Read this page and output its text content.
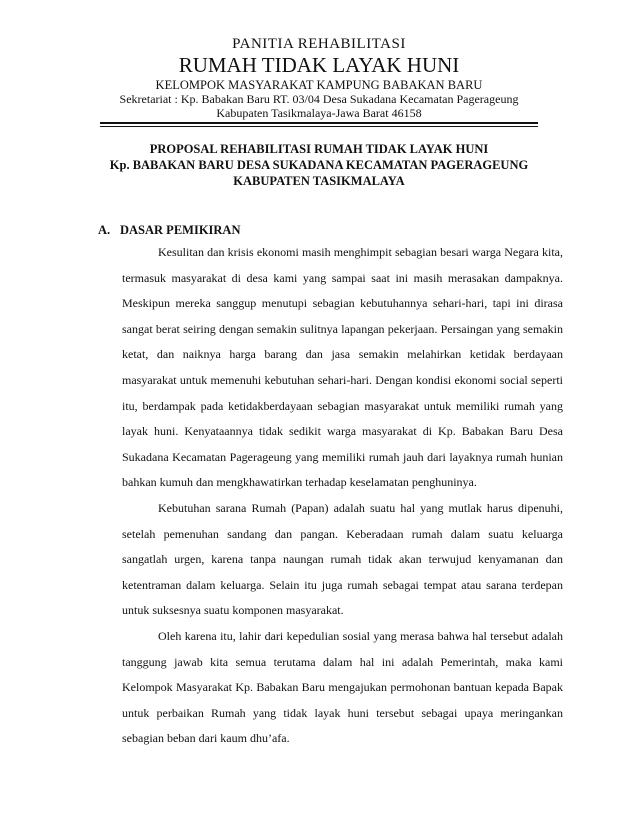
PANITIA REHABILITASI
RUMAH TIDAK LAYAK HUNI
KELOMPOK MASYARAKAT KAMPUNG BABAKAN BARU
Sekretariat : Kp. Babakan Baru RT. 03/04 Desa Sukadana Kecamatan Pagerageung
Kabupaten Tasikmalaya-Jawa Barat 46158
PROPOSAL REHABILITASI RUMAH TIDAK LAYAK HUNI
Kp. BABAKAN BARU DESA SUKADANA KECAMATAN PAGERAGEUNG
KABUPATEN TASIKMALAYA
A. DASAR PEMIKIRAN

Kesulitan dan krisis ekonomi masih menghimpit sebagian besari warga Negara kita, termasuk masyarakat di desa kami yang sampai saat ini masih merasakan dampaknya. Meskipun mereka sanggup menutupi sebagian kebutuhannya sehari-hari, tapi ini dirasa sangat berat seiring dengan semakin sulitnya lapangan pekerjaan. Persaingan yang semakin ketat, dan naiknya harga barang dan jasa semakin melahirkan ketidak berdayaan masyarakat untuk memenuhi kebutuhan sehari-hari. Dengan kondisi ekonomi social seperti itu, berdampak pada ketidakberdayaan sebagian masyarakat untuk memiliki rumah yang layak huni. Kenyataannya tidak sedikit warga masyarakat di Kp. Babakan Baru Desa Sukadana Kecamatan Pagerageung yang memiliki rumah jauh dari layaknya rumah hunian bahkan kumuh dan mengkhawatirkan terhadap keselamatan penghuninya.

Kebutuhan sarana Rumah (Papan) adalah suatu hal yang mutlak harus dipenuhi, setelah pemenuhan sandang dan pangan. Keberadaan rumah dalam suatu keluarga sangatlah urgen, karena tanpa naungan rumah tidak akan terwujud kenyamanan dan ketentraman dalam keluarga. Selain itu juga rumah sebagai tempat atau sarana terdepan untuk suksesnya suatu komponen masyarakat.

Oleh karena itu, lahir dari kepedulian sosial yang merasa bahwa hal tersebut adalah tanggung jawab kita semua terutama dalam hal ini adalah Pemerintah, maka kami Kelompok Masyarakat Kp. Babakan Baru mengajukan permohonan bantuan kepada Bapak untuk perbaikan Rumah yang tidak layak huni tersebut sebagai upaya meringankan sebagian beban dari kaum dhu’afa.
